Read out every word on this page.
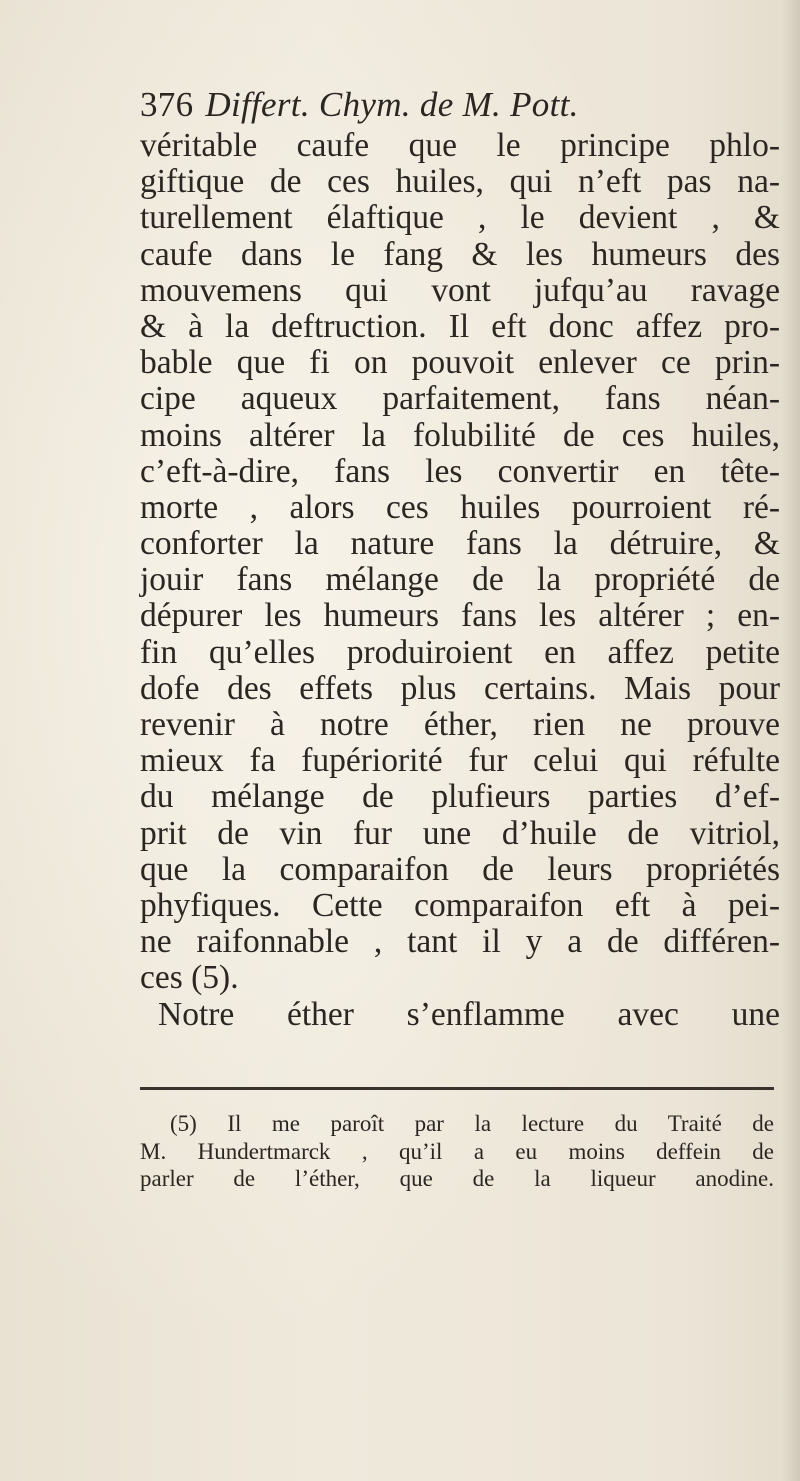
376 Differt. Chym. de M. Pott.
véritable caufe que le principe phlo-
giftique de ces huiles, qui n’eft pas na-
turellement élaftique , le devient , &
caufe dans le fang & les humeurs des
mouvemens qui vont jufqu’au ravage
& à la deftruction. Il eft donc affez pro-
bable que fi on pouvoit enlever ce prin-
cipe aqueux parfaitement, fans néan-
moins altérer la folubilité de ces huiles,
c’eft-à-dire, fans les convertir en tête-
morte , alors ces huiles pourroient ré-
conforter la nature fans la détruire, &
jouir fans mélange de la propriété de
dépurer les humeurs fans les altérer ; en-
fin qu’elles produiroient en affez petite
dofe des effets plus certains. Mais pour
revenir à notre éther, rien ne prouve
mieux fa fupériorité fur celui qui réfulte
du mélange de plufieurs parties d’ef-
prit de vin fur une d’huile de vitriol,
que la comparaifon de leurs propriétés
phyfiques. Cette comparaifon eft à pei-
ne raifonnable , tant il y a de différen-
ces (5).
Notre éther s’enflamme avec une
(5) Il me paroît par la lecture du Traité de
M. Hundertmarck , qu’il a eu moins deffein de
parler de l’éther, que de la liqueur anodine.
